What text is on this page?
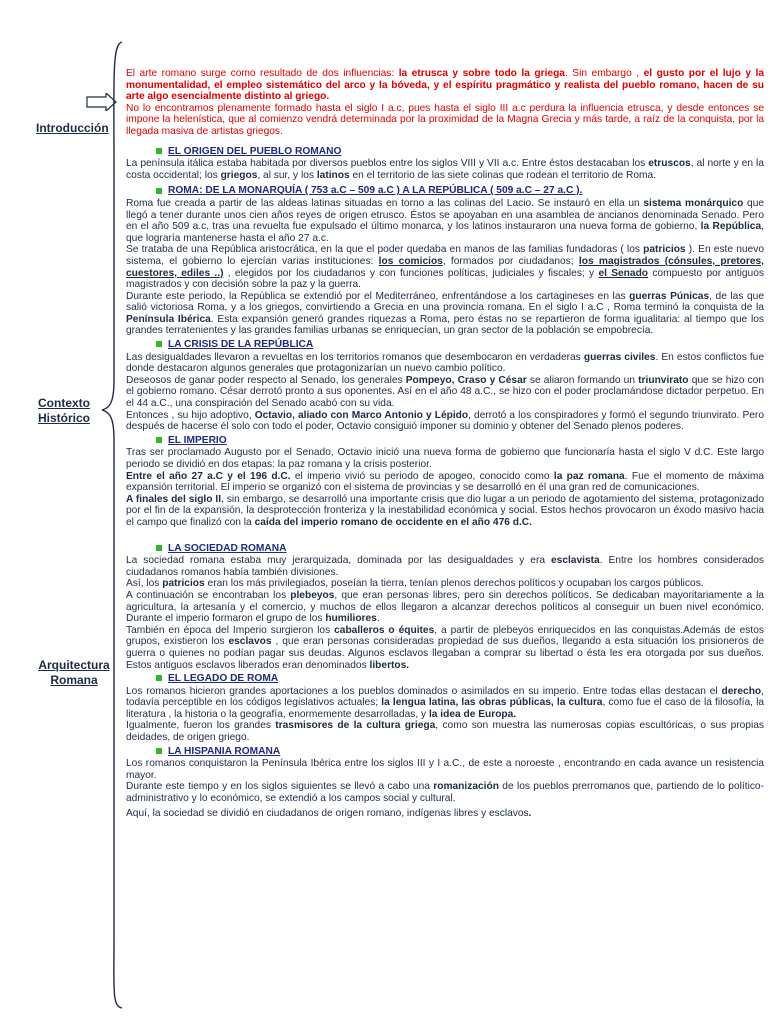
Introducción
Contexto
Histórico
Arquitectura
Romana

El arte romano surge como resultado de dos influencias: la etrusca y sobre todo la griega. Sin embargo , el gusto por el lujo y la monumentalidad, el empleo sistemático del arco y la bóveda, y el espíritu pragmático y realista del pueblo romano, hacen de su arte algo esencialmente distinto al griego.

No lo encontramos plenamente formado hasta el siglo I a.c, pues hasta el siglo III a.c perdura la influencia etrusca, y desde entonces se impone la helenística, que al comienzo vendrá determinada por la proximidad de la Magna Grecia y más tarde, a raíz de la conquista, por la llegada masiva de artistas griegos.

EL ORIGEN DEL PUEBLO ROMANO

La península itálica estaba habitada por diversos pueblos entre los siglos VIII y VII a.c. Entre éstos destacaban los etruscos, al norte y en la costa occidental; los griegos, al sur, y los latinos en el territorio de las siete colinas que rodean el territorio de Roma.

ROMA: DE LA MONARQUÍA ( 753 a.C – 509 a.C ) A LA REPÚBLICA ( 509 a.C – 27 a.C ).

Roma fue creada a partir de las aldeas latinas situadas en torno a las colinas del Lacio. Se instauró en ella un sistema monárquico que llegó a tener durante unos cien años reyes de origen etrusco. Éstos se apoyaban en una asamblea de ancianos denominada Senado. Pero en el año 509 a.c, tras una revuelta fue expulsado el último monarca, y los latinos instauraron una nueva forma de gobierno, la República, que lograría mantenerse hasta el año 27 a.c.

Se trataba de una República aristocrática, en la que el poder quedaba en manos de las familias fundadoras ( los patricios ). En este nuevo sistema, el gobierno lo ejercían varias instituciones: los comicios, formados por ciudadanos; los magistrados (cónsules, pretores, cuestores, ediles ..) , elegidos por los ciudadanos y con funciones políticas, judiciales y fiscales; y el Senado compuesto por antiguos magistrados y con decisión sobre la paz y la guerra.

Durante este periodo, la República se extendió por el Mediterráneo, enfrentándose a los cartagineses en las guerras Púnicas, de las que salió victoriosa Roma, y a los griegos, convirtiendo a Grecia en una provincia romana. En el siglo I a.C , Roma terminó la conquista de la Península Ibérica. Esta expansión generó grandes riquezas a Roma, pero éstas no se repartieron de forma igualitaria: al tiempo que los grandes terratenientes y las grandes familias urbanas se enriquecían, un gran sector de la población se empobrecía.

LA CRISIS DE LA REPÚBLICA

Las desigualdades llevaron a revueltas en los territorios romanos que desembocaron en verdaderas guerras civiles. En estos conflictos fue donde destacaron algunos generales que protagonizarían un nuevo cambio político.

Deseosos de ganar poder respecto al Senado, los generales Pompeyo, Craso y César se aliaron formando un triunvirato que se hizo con el gobierno romano. César derrotó pronto a sus oponentes. Así en el año 48 a.C., se hizo con el poder proclamándose dictador perpetuo. En el 44 a.C., una conspiración del Senado acabó con su vida.

Entonces , su hijo adoptivo, Octavio, aliado con Marco Antonio y Lépido, derrotó a los conspiradores y formó el segundo triunvirato. Pero después de hacerse él solo con todo el poder, Octavio consiguió imponer su dominio y obtener del Senado plenos poderes.

EL IMPERIO

Tras ser proclamado Augusto por el Senado, Octavio inició una nueva forma de gobierno que funcionaría hasta el siglo V d.C. Este largo periodo se dividió en dos etapas: la paz romana y la crisis posterior.

Entre el año 27 a.C y el 196 d.C. el imperio vivió su periodo de apogeo, conocido como la paz romana. Fue el momento de máxima expansión territorial. El imperio se organizó con el sistema de provincias y se desarrolló en él una gran red de comunicaciones.

A finales del siglo II, sin embargo, se desarrolló una importante crisis que dio lugar a un periodo de agotamiento del sistema, protagonizado por el fin de la expansión, la desprotección fronteriza y la inestabilidad económica y social. Estos hechos provocaron un éxodo masivo hacia el campo que finalizó con la caída del imperio romano de occidente en el año 476 d.C.

LA SOCIEDAD ROMANA

La sociedad romana estaba muy jerarquizada, dominada por las desigualdades y era esclavista. Entre los hombres considerados ciudadanos romanos había también divisiones.

Así, los patricios eran los más privilegiados, poseían la tierra, tenían plenos derechos políticos y ocupaban los cargos públicos.

A continuación se encontraban los plebeyos, que eran personas libres, pero sin derechos políticos. Se dedicaban mayoritariamente a la agricultura, la artesanía y el comercio, y muchos de ellos llegaron a alcanzar derechos políticos al conseguir un buen nivel económico. Durante el imperio formaron el grupo de los humiliores.

También en época del Imperio surgieron los caballeros o équites, a partir de plebeyos enriquecidos en las conquistas.Además de estos grupos, existieron los esclavos , que eran personas consideradas propiedad de sus dueños, llegando a esta situación los prisioneros de guerra o quienes no podían pagar sus deudas. Algunos esclavos llegaban a comprar su libertad o ésta les era otorgada por sus dueños. Estos antiguos esclavos liberados eran denominados libertos.

EL LEGADO DE ROMA

Los romanos hicieron grandes aportaciones a los pueblos dominados o asimilados en su imperio. Entre todas ellas destacan el derecho, todavía perceptible en los códigos legislativos actuales; la lengua latina, las obras públicas, la cultura, como fue el caso de la filosofía, la literatura , la historia o la geografía, enormemente desarrolladas, y la idea de Europa.

Igualmente, fueron los grandes trasmisores de la cultura griega, como son muestra las numerosas copias escultóricas, o sus propias deidades, de origen griego.

LA HISPANIA ROMANA

Los romanos conquistaron la Península Ibérica entre los siglos III y I a.C., de este a noroeste , encontrando en cada avance un resistencia mayor.

Durante este tiempo y en los siglos siguientes se llevó a cabo una romanización de los pueblos prerromanos que, partiendo de lo político-administrativo y lo económico, se extendió a los campos social y cultural.

Aquí, la sociedad se dividió en ciudadanos de origen romano, indígenas libres y esclavos.
